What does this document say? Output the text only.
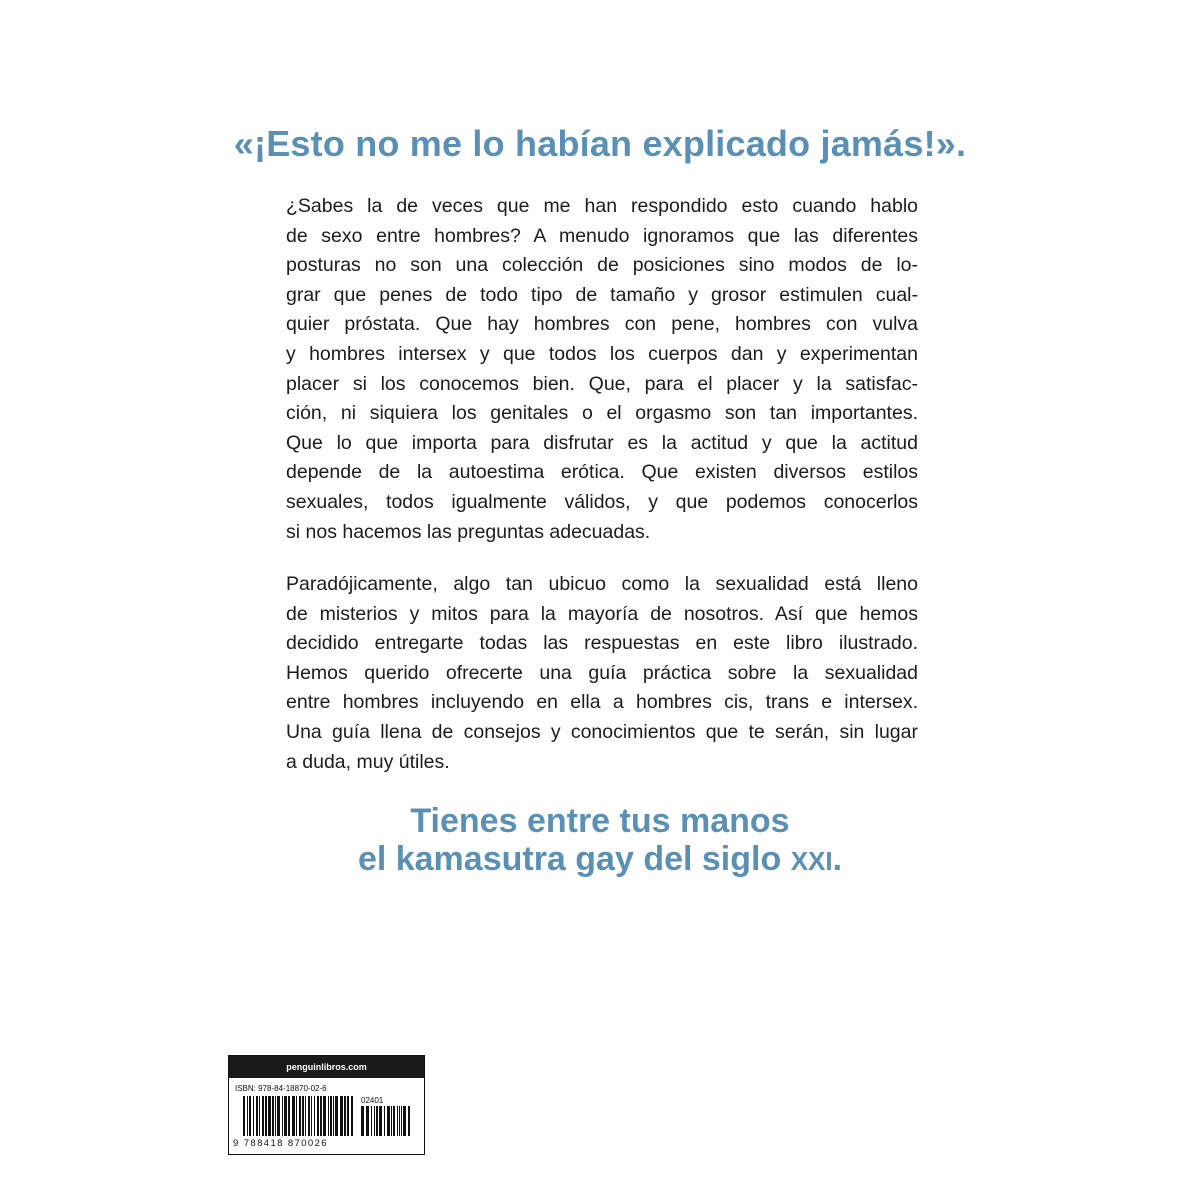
«¡Esto no me lo habían explicado jamás!».
¿Sabes la de veces que me han respondido esto cuando hablo
de sexo entre hombres? A menudo ignoramos que las diferentes
posturas no son una colección de posiciones sino modos de lo-
grar que penes de todo tipo de tamaño y grosor estimulen cual-
quier próstata. Que hay hombres con pene, hombres con vulva
y hombres intersex y que todos los cuerpos dan y experimentan
placer si los conocemos bien. Que, para el placer y la satisfac-
ción, ni siquiera los genitales o el orgasmo son tan importantes.
Que lo que importa para disfrutar es la actitud y que la actitud
depende de la autoestima erótica. Que existen diversos estilos
sexuales, todos igualmente válidos, y que podemos conocerlos
si nos hacemos las preguntas adecuadas.
Paradójicamente, algo tan ubicuo como la sexualidad está lleno
de misterios y mitos para la mayoría de nosotros. Así que hemos
decidido entregarte todas las respuestas en este libro ilustrado.
Hemos querido ofrecerte una guía práctica sobre la sexualidad
entre hombres incluyendo en ella a hombres cis, trans e intersex.
Una guía llena de consejos y conocimientos que te serán, sin lugar
a duda, muy útiles.
Tienes entre tus manos
el kamasutra gay del siglo XXI.
penguinlibros.com
ISBN: 978-84-18870-02-6
02401
9 788418 870026
